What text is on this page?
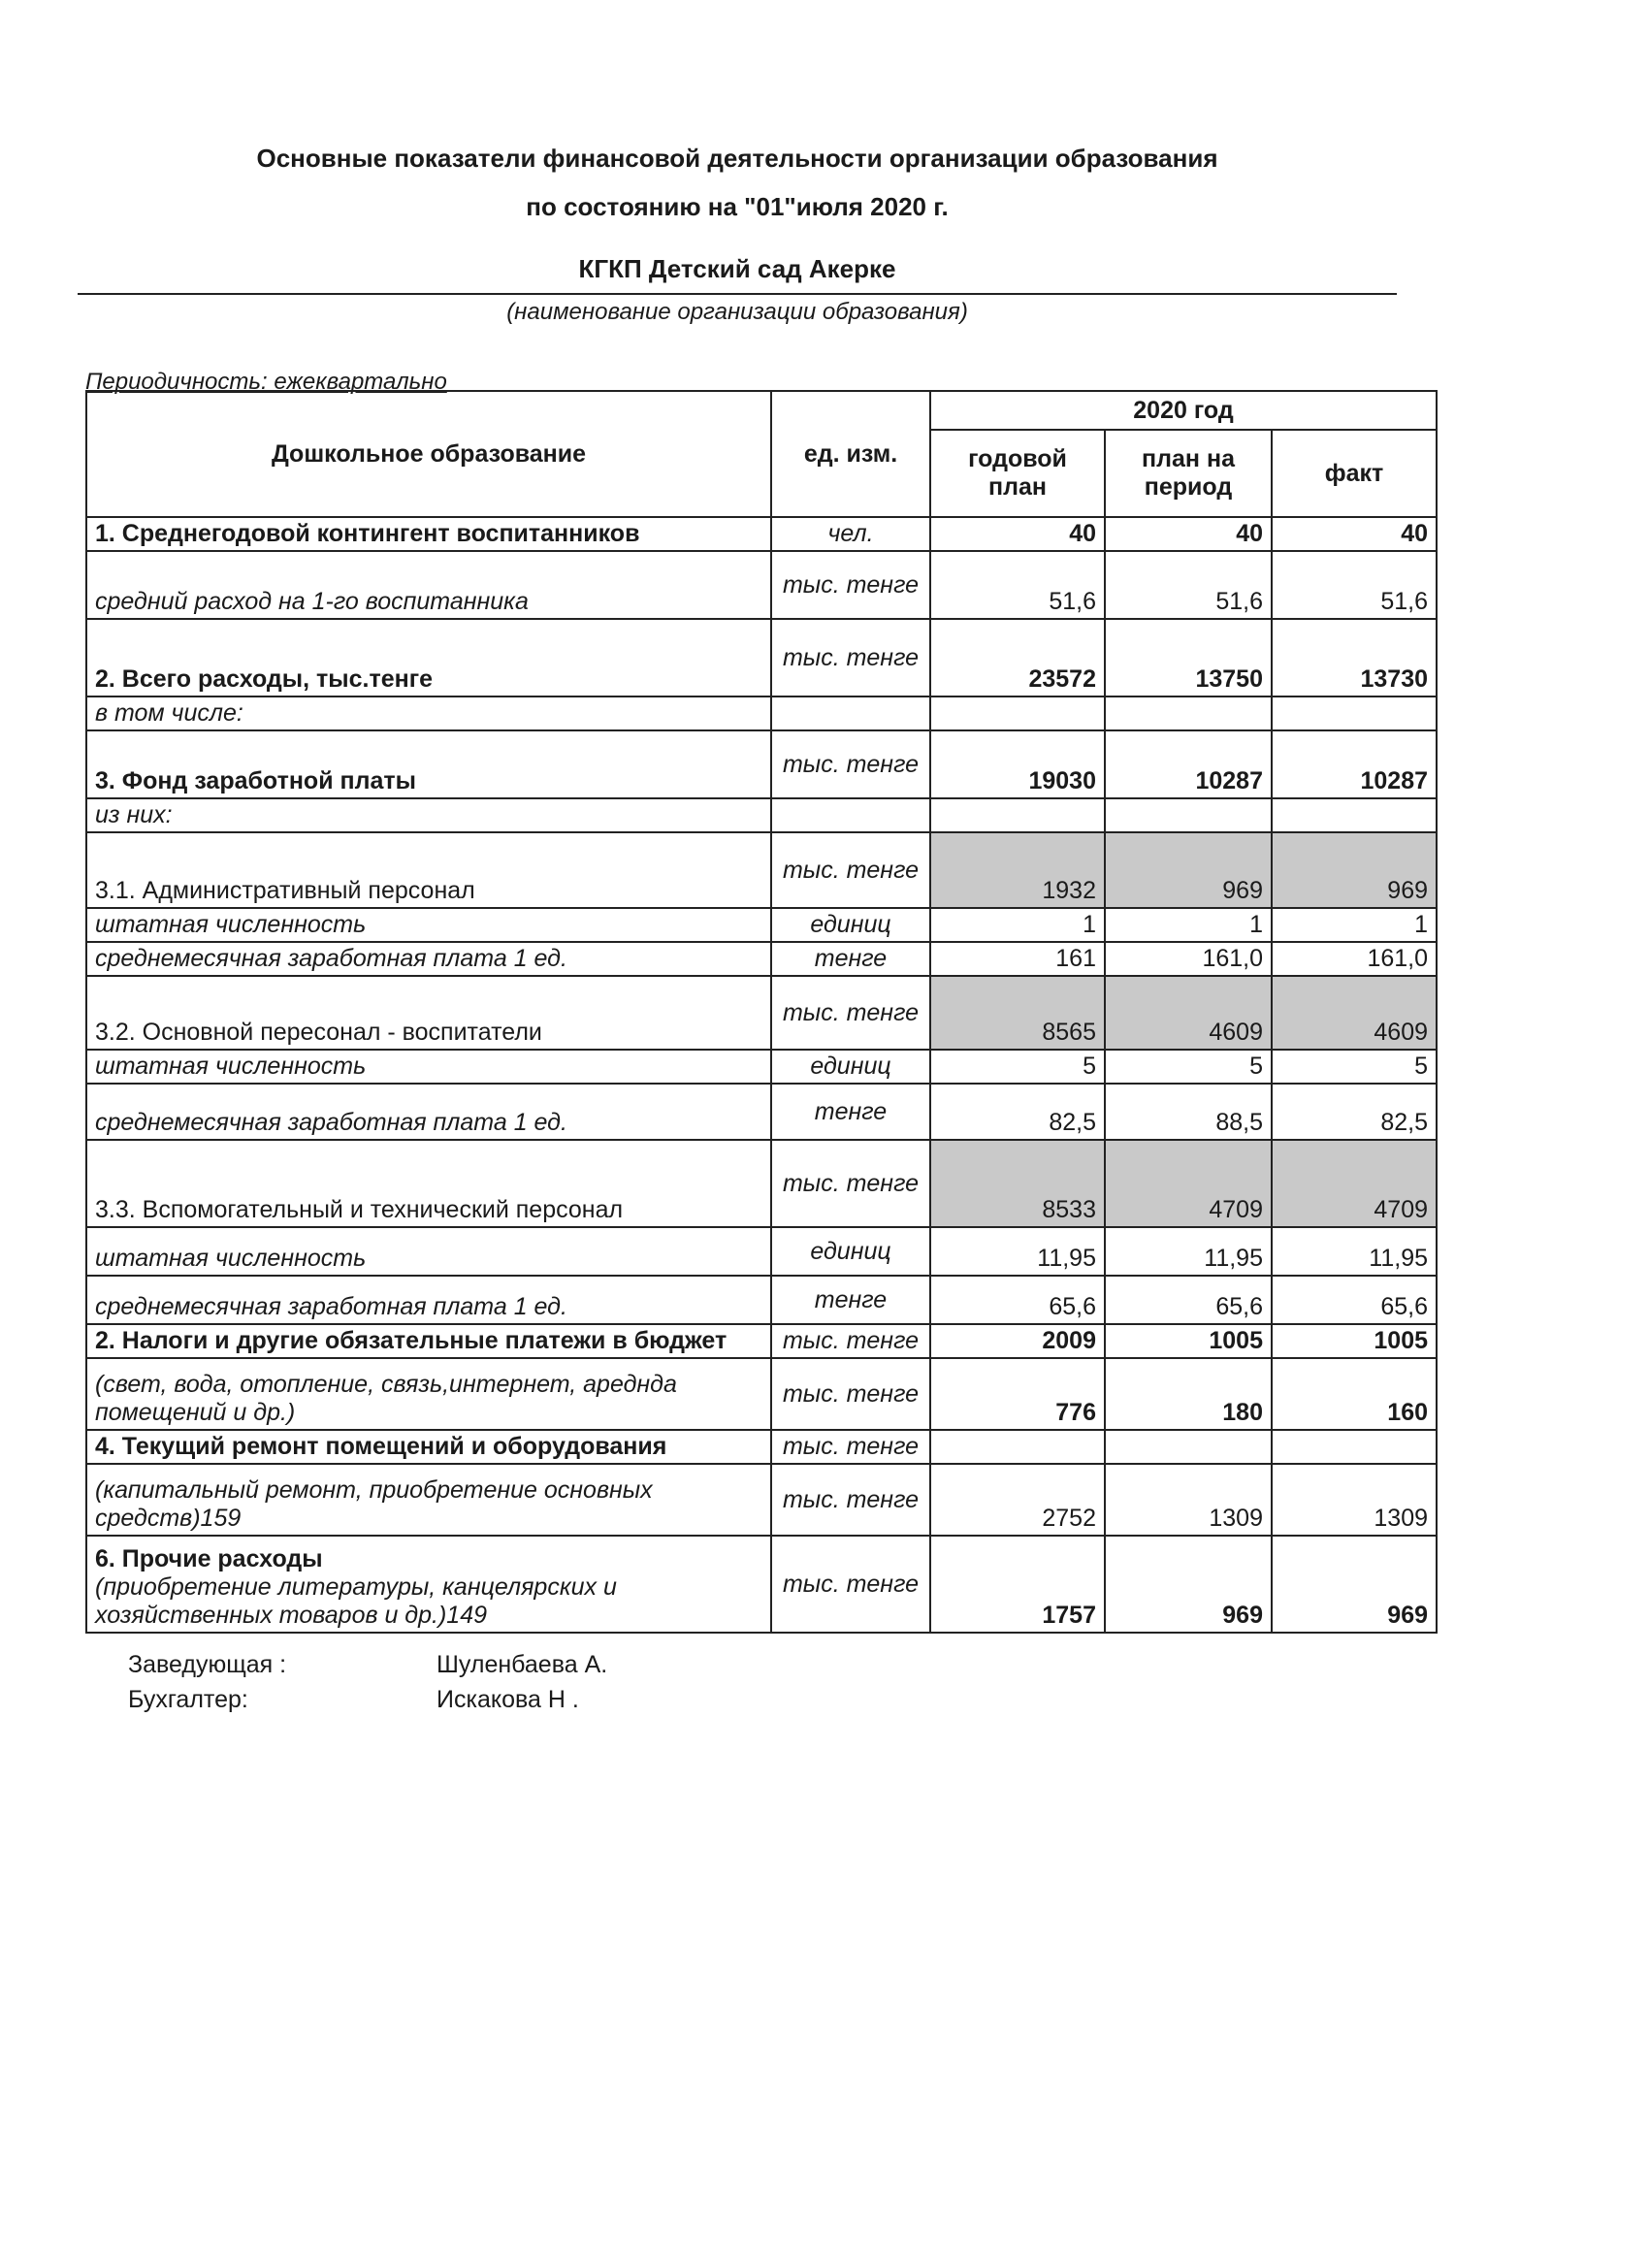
Основные показатели финансовой деятельности организации образования
по состоянию на "01"июля 2020 г.
КГКП Детский сад Акерке
(наименование организации образования)
Периодичность: ежеквартально
Дошкольное образование	ед. изм.	2020 год		
		годовой план	план на период	факт
1. Среднегодовой контингент воспитанников	чел.	40	40	40
средний расход на 1-го воспитанника	тыс. тенге	51,6	51,6	51,6
2. Всего расходы, тыс.тенге	тыс. тенге	23572	13750	13730
в том числе:				
3. Фонд заработной платы	тыс. тенге	19030	10287	10287
из них:				
3.1. Административный персонал	тыс. тенге	1932	969	969
штатная численность	единиц	1	1	1
среднемесячная заработная плата 1 ед.	тенге	161	161,0	161,0
3.2. Основной пересонал - воспитатели	тыс. тенге	8565	4609	4609
штатная численность	единиц	5	5	5
среднемесячная заработная плата 1 ед.	тенге	82,5	88,5	82,5
3.3. Вспомогательный и технический персонал	тыс. тенге	8533	4709	4709
штатная численность	единиц	11,95	11,95	11,95
среднемесячная заработная плата 1 ед.	тенге	65,6	65,6	65,6
2. Налоги и другие обязательные платежи в бюджет	тыс. тенге	2009	1005	1005
(свет, вода, отопление, связь,интернет, ареднда помещений и др.)	тыс. тенге	776	180	160
4. Текущий ремонт помещений и оборудования	тыс. тенге			
(капитальный ремонт, приобретение основных средств)159	тыс. тенге	2752	1309	1309

6. Прочие расходы
(приобретение литературы, канцелярских и хозяйственных товаров и др.)149	тыс. тенге	1757	969	969
Заведующая :	Шуленбаева А.
Бухгалтер:	Искакова Н .
